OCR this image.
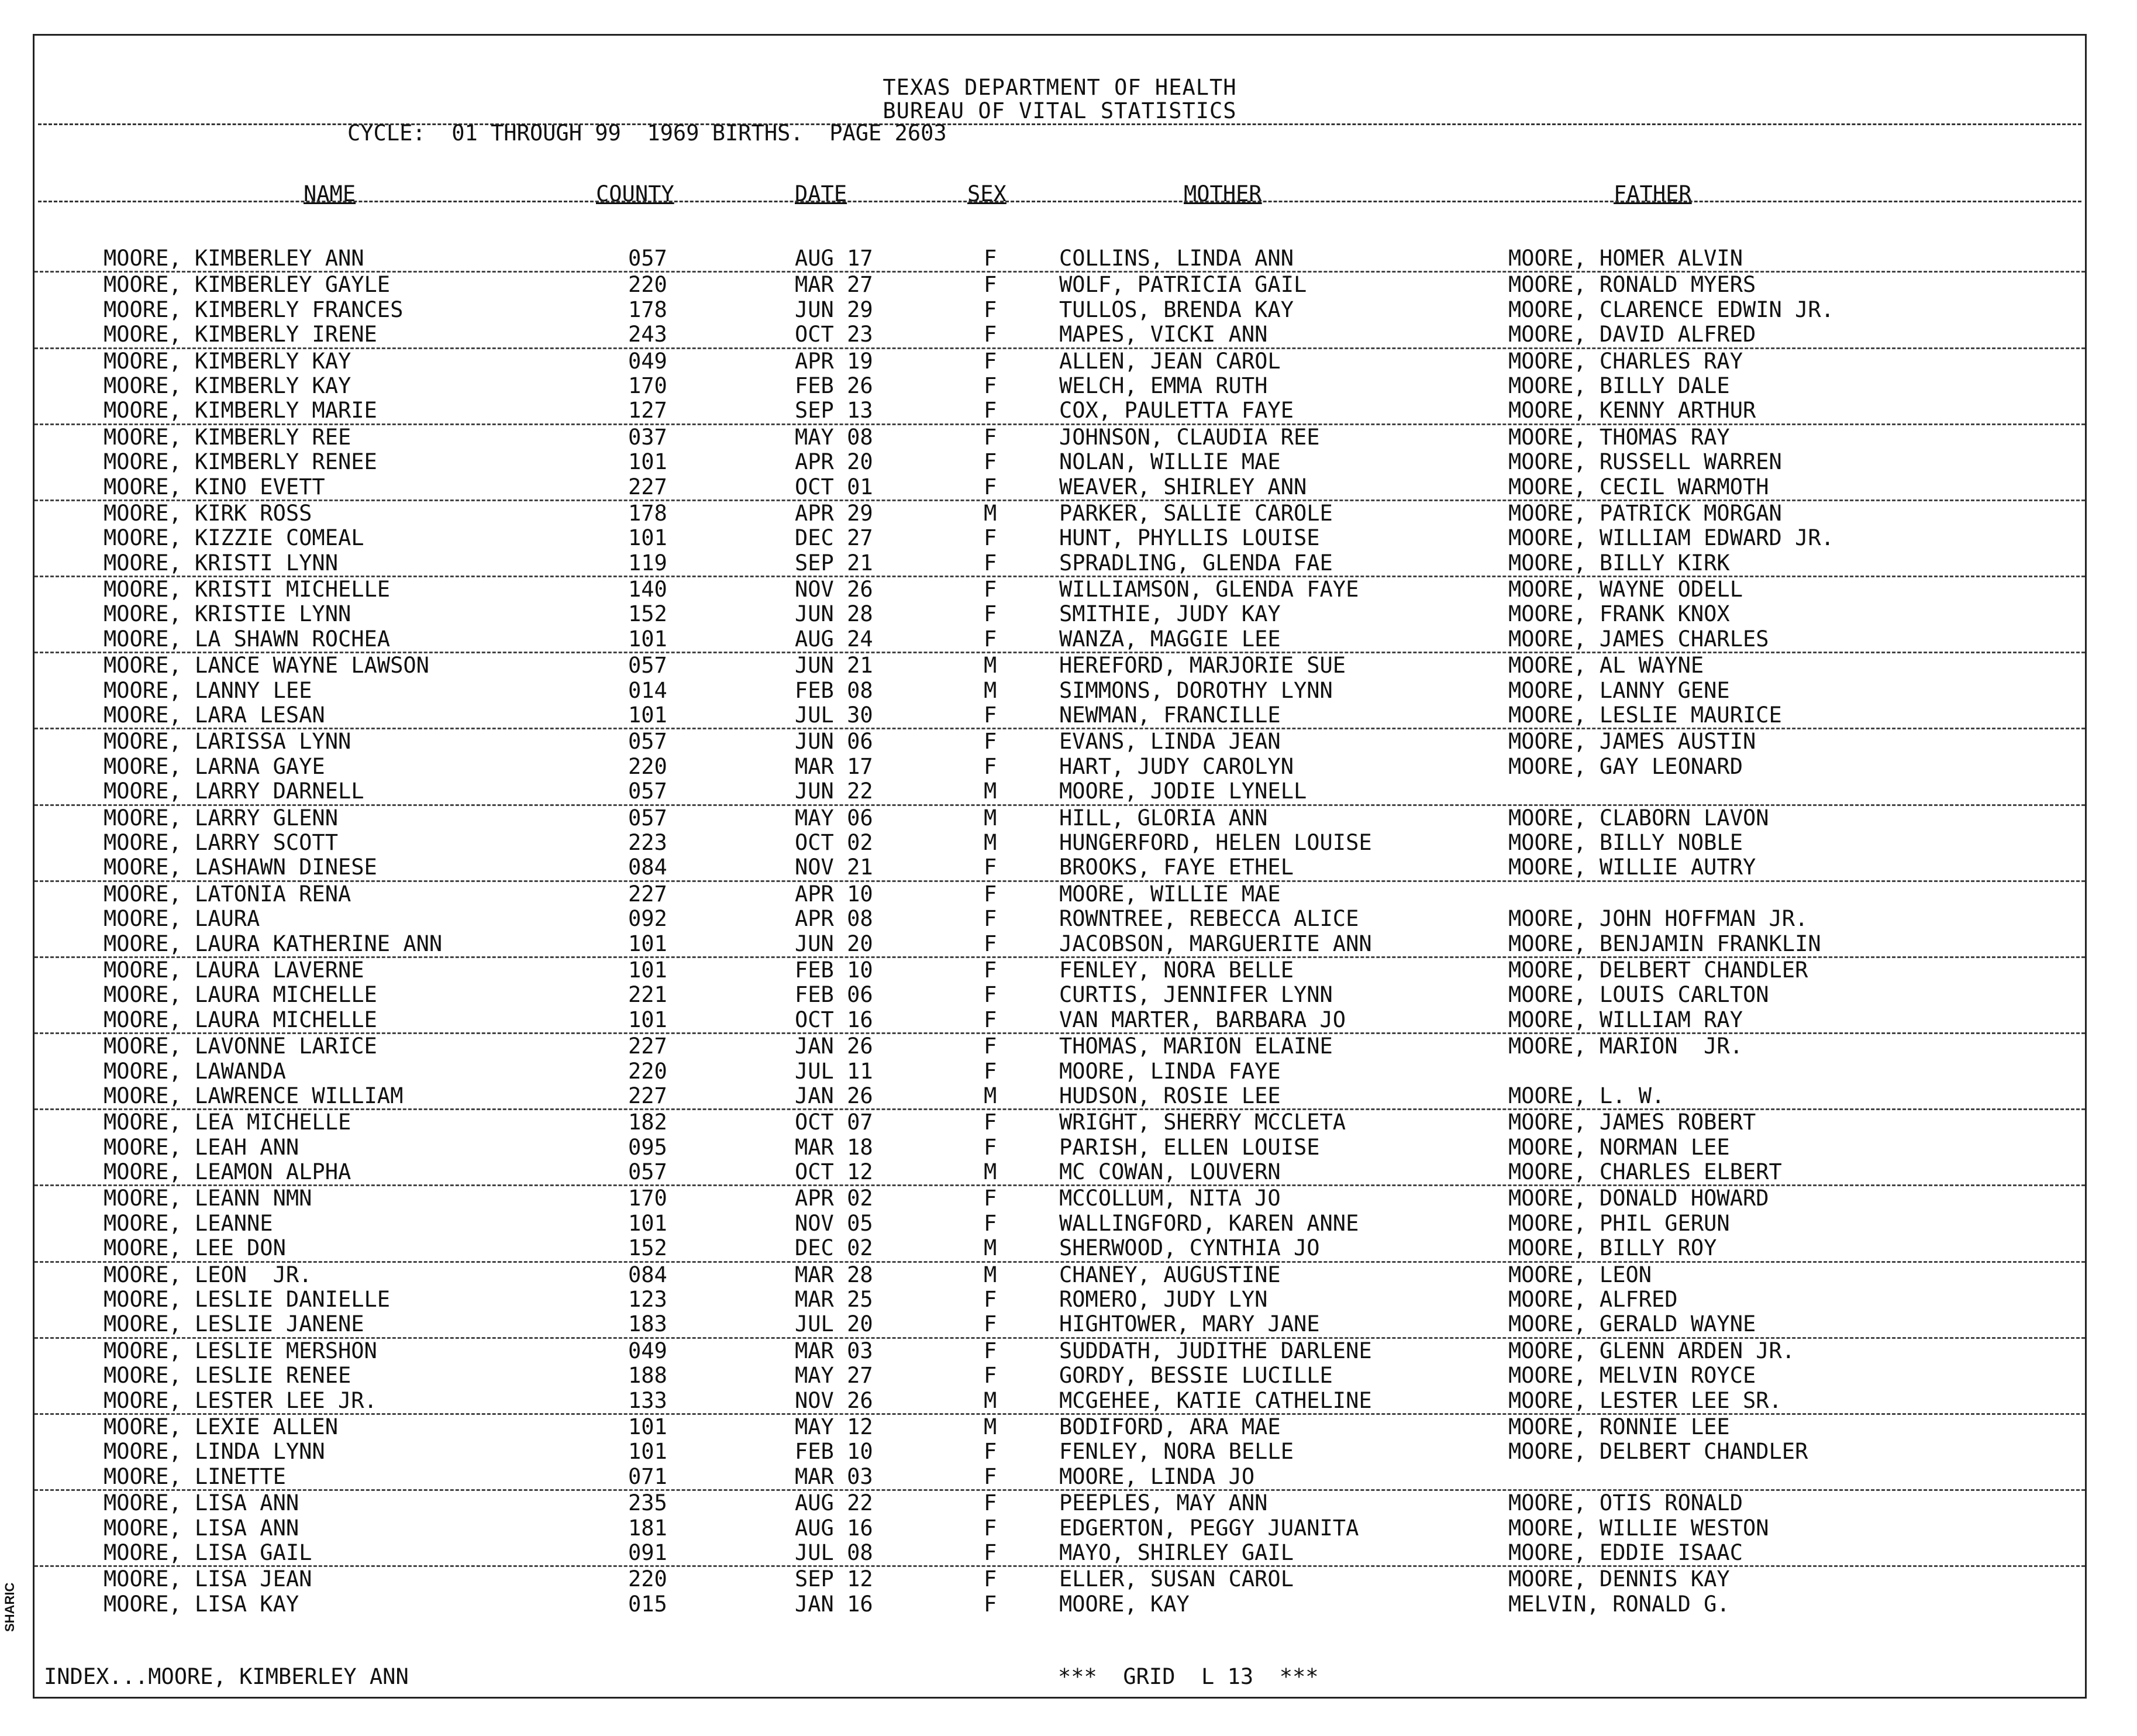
TEXAS DEPARTMENT OF HEALTH
BUREAU OF VITAL STATISTICS
CYCLE:  01 THROUGH 99  1969 BIRTHS.  PAGE 2603
NAME	COUNTY	DATE	SEX	MOTHER	FATHER
MOORE, KIMBERLEY ANN	057	AUG 17	F	COLLINS, LINDA ANN	MOORE, HOMER ALVIN
MOORE, KIMBERLEY GAYLE	220	MAR 27	F	WOLF, PATRICIA GAIL	MOORE, RONALD MYERS
MOORE, KIMBERLY FRANCES	178	JUN 29	F	TULLOS, BRENDA KAY	MOORE, CLARENCE EDWIN JR.
MOORE, KIMBERLY IRENE	243	OCT 23	F	MAPES, VICKI ANN	MOORE, DAVID ALFRED
MOORE, KIMBERLY KAY	049	APR 19	F	ALLEN, JEAN CAROL	MOORE, CHARLES RAY
MOORE, KIMBERLY KAY	170	FEB 26	F	WELCH, EMMA RUTH	MOORE, BILLY DALE
MOORE, KIMBERLY MARIE	127	SEP 13	F	COX, PAULETTA FAYE	MOORE, KENNY ARTHUR
MOORE, KIMBERLY REE	037	MAY 08	F	JOHNSON, CLAUDIA REE	MOORE, THOMAS RAY
MOORE, KIMBERLY RENEE	101	APR 20	F	NOLAN, WILLIE MAE	MOORE, RUSSELL WARREN
MOORE, KINO EVETT	227	OCT 01	F	WEAVER, SHIRLEY ANN	MOORE, CECIL WARMOTH
MOORE, KIRK ROSS	178	APR 29	M	PARKER, SALLIE CAROLE	MOORE, PATRICK MORGAN
MOORE, KIZZIE COMEAL	101	DEC 27	F	HUNT, PHYLLIS LOUISE	MOORE, WILLIAM EDWARD JR.
MOORE, KRISTI LYNN	119	SEP 21	F	SPRADLING, GLENDA FAE	MOORE, BILLY KIRK
MOORE, KRISTI MICHELLE	140	NOV 26	F	WILLIAMSON, GLENDA FAYE	MOORE, WAYNE ODELL
MOORE, KRISTIE LYNN	152	JUN 28	F	SMITHIE, JUDY KAY	MOORE, FRANK KNOX
MOORE, LA SHAWN ROCHEA	101	AUG 24	F	WANZA, MAGGIE LEE	MOORE, JAMES CHARLES
MOORE, LANCE WAYNE LAWSON	057	JUN 21	M	HEREFORD, MARJORIE SUE	MOORE, AL WAYNE
MOORE, LANNY LEE	014	FEB 08	M	SIMMONS, DOROTHY LYNN	MOORE, LANNY GENE
MOORE, LARA LESAN	101	JUL 30	F	NEWMAN, FRANCILLE	MOORE, LESLIE MAURICE
MOORE, LARISSA LYNN	057	JUN 06	F	EVANS, LINDA JEAN	MOORE, JAMES AUSTIN
MOORE, LARNA GAYE	220	MAR 17	F	HART, JUDY CAROLYN	MOORE, GAY LEONARD
MOORE, LARRY DARNELL	057	JUN 22	M	MOORE, JODIE LYNELL
MOORE, LARRY GLENN	057	MAY 06	M	HILL, GLORIA ANN	MOORE, CLABORN LAVON
MOORE, LARRY SCOTT	223	OCT 02	M	HUNGERFORD, HELEN LOUISE	MOORE, BILLY NOBLE
MOORE, LASHAWN DINESE	084	NOV 21	F	BROOKS, FAYE ETHEL	MOORE, WILLIE AUTRY
MOORE, LATONIA RENA	227	APR 10	F	MOORE, WILLIE MAE
MOORE, LAURA	092	APR 08	F	ROWNTREE, REBECCA ALICE	MOORE, JOHN HOFFMAN JR.
MOORE, LAURA KATHERINE ANN	101	JUN 20	F	JACOBSON, MARGUERITE ANN	MOORE, BENJAMIN FRANKLIN
MOORE, LAURA LAVERNE	101	FEB 10	F	FENLEY, NORA BELLE	MOORE, DELBERT CHANDLER
MOORE, LAURA MICHELLE	221	FEB 06	F	CURTIS, JENNIFER LYNN	MOORE, LOUIS CARLTON
MOORE, LAURA MICHELLE	101	OCT 16	F	VAN MARTER, BARBARA JO	MOORE, WILLIAM RAY
MOORE, LAVONNE LARICE	227	JAN 26	F	THOMAS, MARION ELAINE	MOORE, MARION  JR.
MOORE, LAWANDA	220	JUL 11	F	MOORE, LINDA FAYE
MOORE, LAWRENCE WILLIAM	227	JAN 26	M	HUDSON, ROSIE LEE	MOORE, L. W.
MOORE, LEA MICHELLE	182	OCT 07	F	WRIGHT, SHERRY MCCLETA	MOORE, JAMES ROBERT
MOORE, LEAH ANN	095	MAR 18	F	PARISH, ELLEN LOUISE	MOORE, NORMAN LEE
MOORE, LEAMON ALPHA	057	OCT 12	M	MC COWAN, LOUVERN	MOORE, CHARLES ELBERT
MOORE, LEANN NMN	170	APR 02	F	MCCOLLUM, NITA JO	MOORE, DONALD HOWARD
MOORE, LEANNE	101	NOV 05	F	WALLINGFORD, KAREN ANNE	MOORE, PHIL GERUN
MOORE, LEE DON	152	DEC 02	M	SHERWOOD, CYNTHIA JO	MOORE, BILLY ROY
MOORE, LEON  JR.	084	MAR 28	M	CHANEY, AUGUSTINE	MOORE, LEON
MOORE, LESLIE DANIELLE	123	MAR 25	F	ROMERO, JUDY LYN	MOORE, ALFRED
MOORE, LESLIE JANENE	183	JUL 20	F	HIGHTOWER, MARY JANE	MOORE, GERALD WAYNE
MOORE, LESLIE MERSHON	049	MAR 03	F	SUDDATH, JUDITHE DARLENE	MOORE, GLENN ARDEN JR.
MOORE, LESLIE RENEE	188	MAY 27	F	GORDY, BESSIE LUCILLE	MOORE, MELVIN ROYCE
MOORE, LESTER LEE JR.	133	NOV 26	M	MCGEHEE, KATIE CATHELINE	MOORE, LESTER LEE SR.
MOORE, LEXIE ALLEN	101	MAY 12	M	BODIFORD, ARA MAE	MOORE, RONNIE LEE
MOORE, LINDA LYNN	101	FEB 10	F	FENLEY, NORA BELLE	MOORE, DELBERT CHANDLER
MOORE, LINETTE	071	MAR 03	F	MOORE, LINDA JO
MOORE, LISA ANN	235	AUG 22	F	PEEPLES, MAY ANN	MOORE, OTIS RONALD
MOORE, LISA ANN	181	AUG 16	F	EDGERTON, PEGGY JUANITA	MOORE, WILLIE WESTON
MOORE, LISA GAIL	091	JUL 08	F	MAYO, SHIRLEY GAIL	MOORE, EDDIE ISAAC
MOORE, LISA JEAN	220	SEP 12	F	ELLER, SUSAN CAROL	MOORE, DENNIS KAY
MOORE, LISA KAY	015	JAN 16	F	MOORE, KAY	MELVIN, RONALD G.
INDEX...MOORE, KIMBERLEY ANN	***  GRID  L 13  ***
SHARIC
